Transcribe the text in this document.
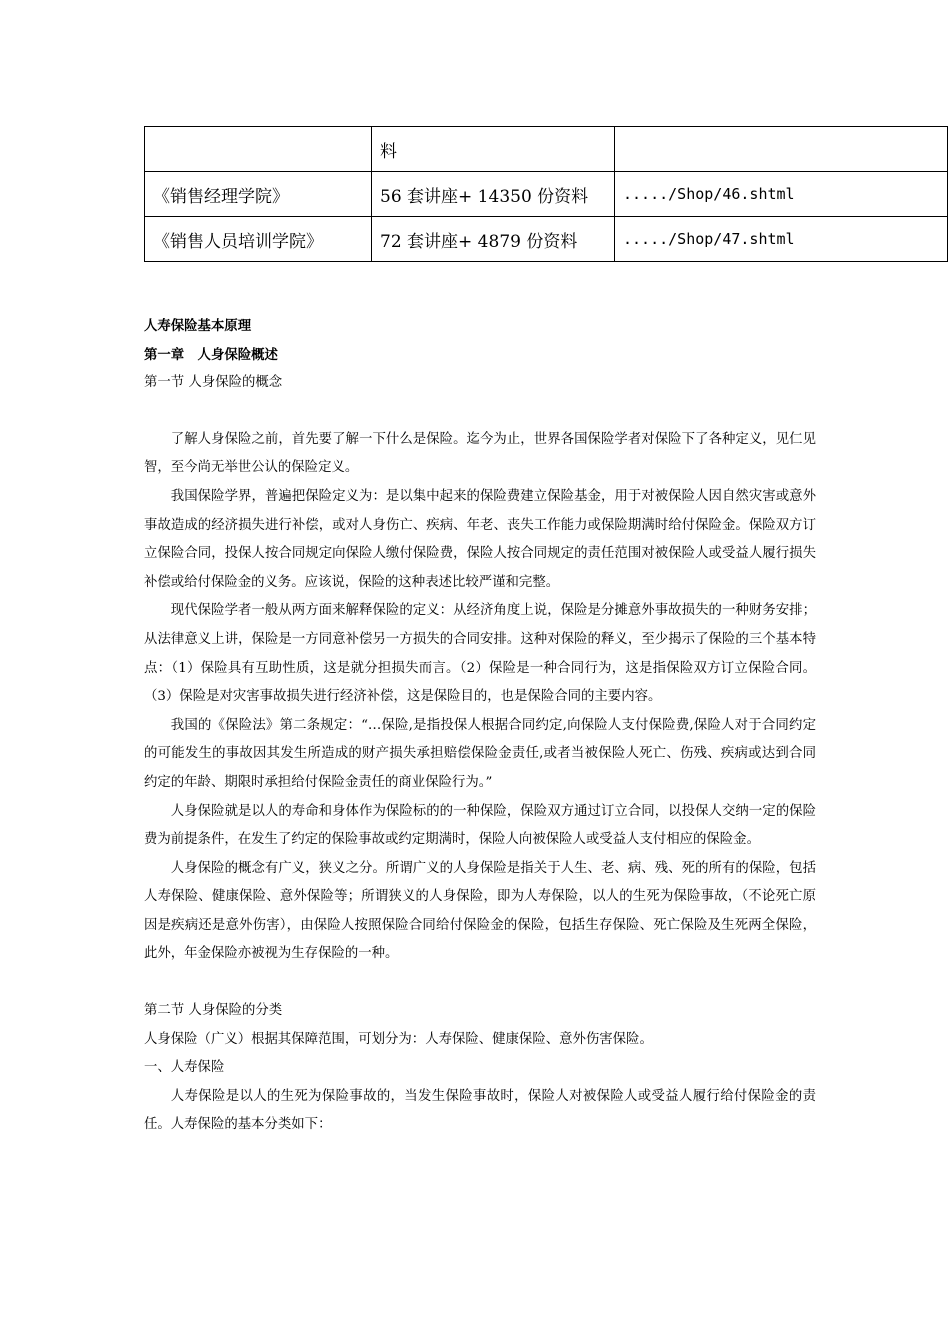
	料	
《销售经理学院》	56 套讲座+ 14350 份资料	...../Shop/46.shtml
《销售人员培训学院》	72 套讲座+ 4879 份资料	...../Shop/47.shtml

人寿保险基本原理

第一章　人身保险概述

第一节 人身保险的概念

了解人身保险之前，首先要了解一下什么是保险。迄今为止，世界各国保险学者对保险下了各种定义，见仁见智，至今尚无举世公认的保险定义。

我国保险学界，普遍把保险定义为：是以集中起来的保险费建立保险基金，用于对被保险人因自然灾害或意外事故造成的经济损失进行补偿，或对人身伤亡、疾病、年老、丧失工作能力或保险期满时给付保险金。保险双方订立保险合同，投保人按合同规定向保险人缴付保险费，保险人按合同规定的责任范围对被保险人或受益人履行损失补偿或给付保险金的义务。应该说，保险的这种表述比较严谨和完整。

现代保险学者一般从两方面来解释保险的定义：从经济角度上说，保险是分摊意外事故损失的一种财务安排；从法律意义上讲，保险是一方同意补偿另一方损失的合同安排。这种对保险的释义，至少揭示了保险的三个基本特点：（1）保险具有互助性质，这是就分担损失而言。（2）保险是一种合同行为，这是指保险双方订立保险合同。（3）保险是对灾害事故损失进行经济补偿，这是保险目的，也是保险合同的主要内容。

我国的《保险法》第二条规定：“…保险,是指投保人根据合同约定,向保险人支付保险费,保险人对于合同约定的可能发生的事故因其发生所造成的财产损失承担赔偿保险金责任,或者当被保险人死亡、伤残、疾病或达到合同约定的年龄、期限时承担给付保险金责任的商业保险行为。”

人身保险就是以人的寿命和身体作为保险标的的一种保险，保险双方通过订立合同，以投保人交纳一定的保险费为前提条件，在发生了约定的保险事故或约定期满时，保险人向被保险人或受益人支付相应的保险金。

人身保险的概念有广义，狭义之分。所谓广义的人身保险是指关于人生、老、病、残、死的所有的保险，包括人寿保险、健康保险、意外保险等；所谓狭义的人身保险，即为人寿保险，以人的生死为保险事故，（不论死亡原因是疾病还是意外伤害），由保险人按照保险合同给付保险金的保险，包括生存保险、死亡保险及生死两全保险，此外，年金保险亦被视为生存保险的一种。

第二节 人身保险的分类

人身保险（广义）根据其保障范围，可划分为：人寿保险、健康保险、意外伤害保险。

一、人寿保险

人寿保险是以人的生死为保险事故的，当发生保险事故时，保险人对被保险人或受益人履行给付保险金的责任。人寿保险的基本分类如下：
